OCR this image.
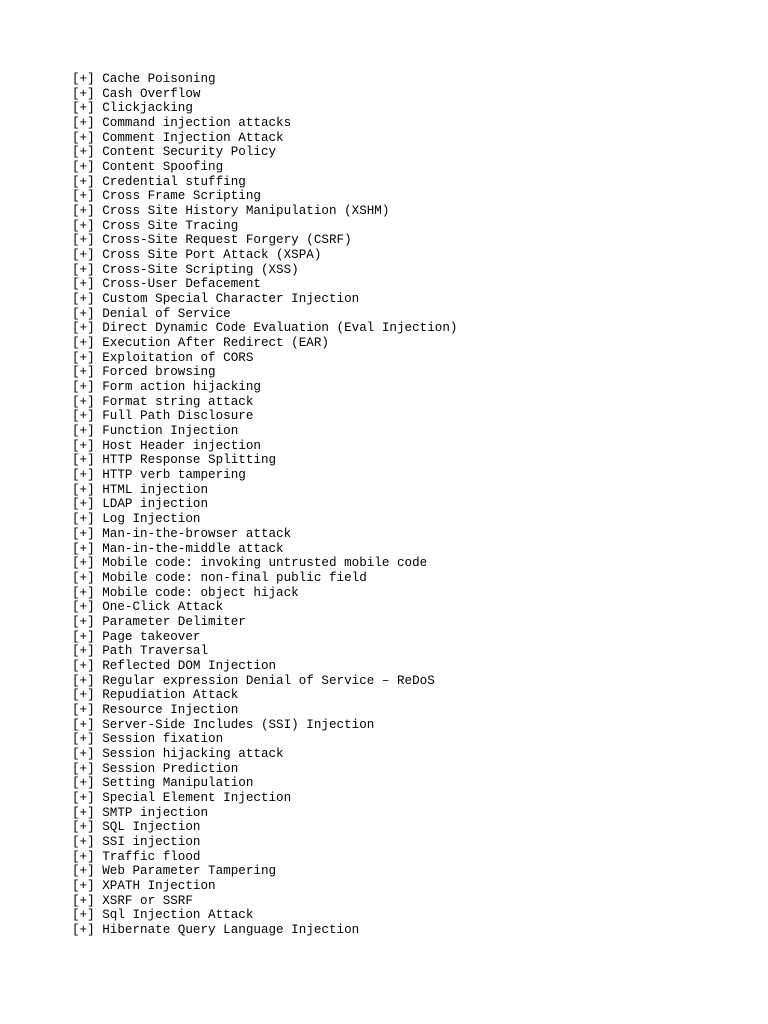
[+] Cache Poisoning
[+] Cash Overflow
[+] Clickjacking
[+] Command injection attacks
[+] Comment Injection Attack
[+] Content Security Policy
[+] Content Spoofing
[+] Credential stuffing
[+] Cross Frame Scripting
[+] Cross Site History Manipulation (XSHM)
[+] Cross Site Tracing
[+] Cross-Site Request Forgery (CSRF)
[+] Cross Site Port Attack (XSPA)
[+] Cross-Site Scripting (XSS)
[+] Cross-User Defacement
[+] Custom Special Character Injection
[+] Denial of Service
[+] Direct Dynamic Code Evaluation (Eval Injection)
[+] Execution After Redirect (EAR)
[+] Exploitation of CORS
[+] Forced browsing
[+] Form action hijacking
[+] Format string attack
[+] Full Path Disclosure
[+] Function Injection
[+] Host Header injection
[+] HTTP Response Splitting
[+] HTTP verb tampering
[+] HTML injection
[+] LDAP injection
[+] Log Injection
[+] Man-in-the-browser attack
[+] Man-in-the-middle attack
[+] Mobile code: invoking untrusted mobile code
[+] Mobile code: non-final public field
[+] Mobile code: object hijack
[+] One-Click Attack
[+] Parameter Delimiter
[+] Page takeover
[+] Path Traversal
[+] Reflected DOM Injection
[+] Regular expression Denial of Service – ReDoS
[+] Repudiation Attack
[+] Resource Injection
[+] Server-Side Includes (SSI) Injection
[+] Session fixation
[+] Session hijacking attack
[+] Session Prediction
[+] Setting Manipulation
[+] Special Element Injection
[+] SMTP injection
[+] SQL Injection
[+] SSI injection
[+] Traffic flood
[+] Web Parameter Tampering
[+] XPATH Injection
[+] XSRF or SSRF
[+] Sql Injection Attack
[+] Hibernate Query Language Injection
